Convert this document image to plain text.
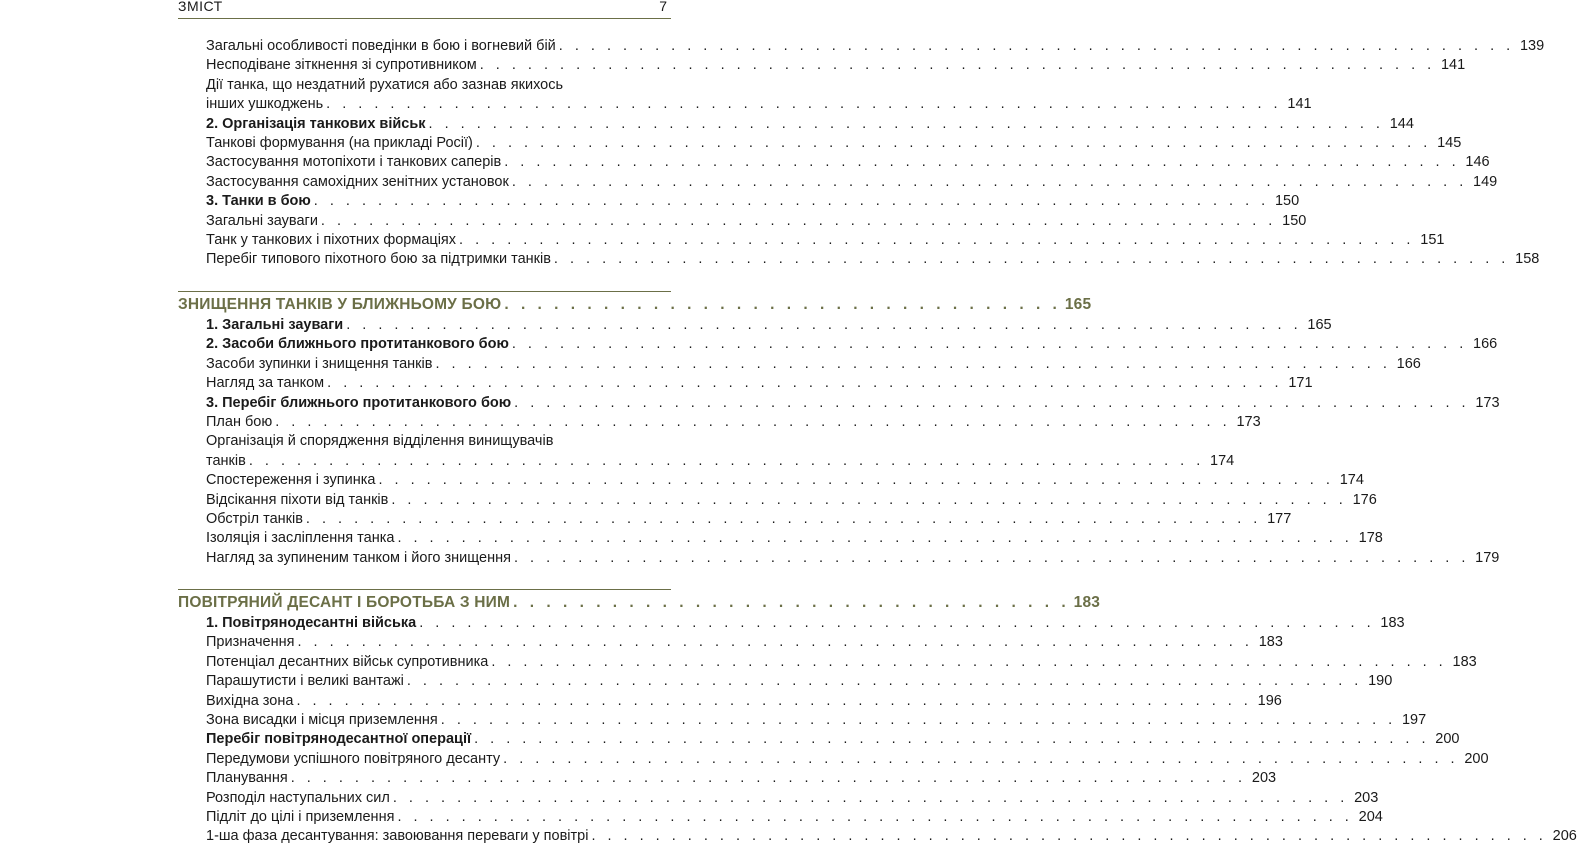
ЗМІСТ	7
Загальні особливості поведінки в бою і вогневий бій . . . . . . . . . . . . . . . . . . . . . . . . . . . . . . . . . . . . . . . . . . . . . . . . . . . . . . . . . . . . 139
Несподіване зіткнення зі супротивником . . . . . . . . . . . . . . . . . . . . . . . . . . . . . . . . . . . . . . . . . . . . . . . . . . . . . . . . . . . . 141
Дії танка, що нездатний рухатися або зазнав якихось
інших ушкоджень . . . . . . . . . . . . . . . . . . . . . . . . . . . . . . . . . . . . . . . . . . . . . . . . . . . . . . . . . . . . 141
2. Організація танкових військ . . . . . . . . . . . . . . . . . . . . . . . . . . . . . . . . . . . . . . . . . . . . . . . . . . . . . . . . . . . . 144
Танкові формування (на прикладі Росії) . . . . . . . . . . . . . . . . . . . . . . . . . . . . . . . . . . . . . . . . . . . . . . . . . . . . . . . . . . . . 145
Застосування мотопіхоти і танкових саперів . . . . . . . . . . . . . . . . . . . . . . . . . . . . . . . . . . . . . . . . . . . . . . . . . . . . . . . . . . . . 146
Застосування самохідних зенітних установок . . . . . . . . . . . . . . . . . . . . . . . . . . . . . . . . . . . . . . . . . . . . . . . . . . . . . . . . . . . . 149
3. Танки в бою . . . . . . . . . . . . . . . . . . . . . . . . . . . . . . . . . . . . . . . . . . . . . . . . . . . . . . . . . . . . 150
Загальні зауваги . . . . . . . . . . . . . . . . . . . . . . . . . . . . . . . . . . . . . . . . . . . . . . . . . . . . . . . . . . . . 150
Танк у танкових і піхотних формаціях . . . . . . . . . . . . . . . . . . . . . . . . . . . . . . . . . . . . . . . . . . . . . . . . . . . . . . . . . . . . 151
Перебіг типового піхотного бою за підтримки танків . . . . . . . . . . . . . . . . . . . . . . . . . . . . . . . . . . . . . . . . . . . . . . . . . . . . . . . . . . . . 158
ЗНИЩЕННЯ ТАНКІВ У БЛИЖНЬОМУ БОЮ . . . . . . . . . . . . . . . . . . . . . . . . . . . . . . . . . . 165
1. Загальні зауваги . . . . . . . . . . . . . . . . . . . . . . . . . . . . . . . . . . . . . . . . . . . . . . . . . . . . . . . . . . . . 165
2. Засоби ближнього протитанкового бою . . . . . . . . . . . . . . . . . . . . . . . . . . . . . . . . . . . . . . . . . . . . . . . . . . . . . . . . . . . . 166
Засоби зупинки і знищення танків . . . . . . . . . . . . . . . . . . . . . . . . . . . . . . . . . . . . . . . . . . . . . . . . . . . . . . . . . . . . 166
Нагляд за танком . . . . . . . . . . . . . . . . . . . . . . . . . . . . . . . . . . . . . . . . . . . . . . . . . . . . . . . . . . . . 171
3. Перебіг ближнього протитанкового бою . . . . . . . . . . . . . . . . . . . . . . . . . . . . . . . . . . . . . . . . . . . . . . . . . . . . . . . . . . . . 173
План бою . . . . . . . . . . . . . . . . . . . . . . . . . . . . . . . . . . . . . . . . . . . . . . . . . . . . . . . . . . . . 173
Організація й спорядження відділення винищувачів
танків . . . . . . . . . . . . . . . . . . . . . . . . . . . . . . . . . . . . . . . . . . . . . . . . . . . . . . . . . . . . 174
Спостереження і зупинка . . . . . . . . . . . . . . . . . . . . . . . . . . . . . . . . . . . . . . . . . . . . . . . . . . . . . . . . . . . . 174
Відсікання піхоти від танків . . . . . . . . . . . . . . . . . . . . . . . . . . . . . . . . . . . . . . . . . . . . . . . . . . . . . . . . . . . . 176
Обстріл танків . . . . . . . . . . . . . . . . . . . . . . . . . . . . . . . . . . . . . . . . . . . . . . . . . . . . . . . . . . . . 177
Ізоляція і засліплення танка . . . . . . . . . . . . . . . . . . . . . . . . . . . . . . . . . . . . . . . . . . . . . . . . . . . . . . . . . . . . 178
Нагляд за зупиненим танком і його знищення . . . . . . . . . . . . . . . . . . . . . . . . . . . . . . . . . . . . . . . . . . . . . . . . . . . . . . . . . . . . 179
ПОВІТРЯНИЙ ДЕСАНТ І БОРОТЬБА З НИМ . . . . . . . . . . . . . . . . . . . . . . . . . . . . . . . . . . 183
1. Повітрянодесантні війська . . . . . . . . . . . . . . . . . . . . . . . . . . . . . . . . . . . . . . . . . . . . . . . . . . . . . . . . . . . . 183
Призначення . . . . . . . . . . . . . . . . . . . . . . . . . . . . . . . . . . . . . . . . . . . . . . . . . . . . . . . . . . . . 183
Потенціал десантних військ супротивника . . . . . . . . . . . . . . . . . . . . . . . . . . . . . . . . . . . . . . . . . . . . . . . . . . . . . . . . . . . . 183
Парашутисти і великі вантажі . . . . . . . . . . . . . . . . . . . . . . . . . . . . . . . . . . . . . . . . . . . . . . . . . . . . . . . . . . . . 190
Вихідна зона . . . . . . . . . . . . . . . . . . . . . . . . . . . . . . . . . . . . . . . . . . . . . . . . . . . . . . . . . . . . 196
Зона висадки і місця приземлення . . . . . . . . . . . . . . . . . . . . . . . . . . . . . . . . . . . . . . . . . . . . . . . . . . . . . . . . . . . . 197
Перебіг повітрянодесантної операції . . . . . . . . . . . . . . . . . . . . . . . . . . . . . . . . . . . . . . . . . . . . . . . . . . . . . . . . . . . . 200
Передумови успішного повітряного десанту . . . . . . . . . . . . . . . . . . . . . . . . . . . . . . . . . . . . . . . . . . . . . . . . . . . . . . . . . . . . 200
Планування . . . . . . . . . . . . . . . . . . . . . . . . . . . . . . . . . . . . . . . . . . . . . . . . . . . . . . . . . . . . 203
Розподіл наступальних сил . . . . . . . . . . . . . . . . . . . . . . . . . . . . . . . . . . . . . . . . . . . . . . . . . . . . . . . . . . . . 203
Підліт до цілі і приземлення . . . . . . . . . . . . . . . . . . . . . . . . . . . . . . . . . . . . . . . . . . . . . . . . . . . . . . . . . . . . 204
1-ша фаза десантування: завоювання переваги у повітрі . . . . . . . . . . . . . . . . . . . . . . . . . . . . . . . . . . . . . . . . . . . . . . . . . . . . . . . . . . . . 206
